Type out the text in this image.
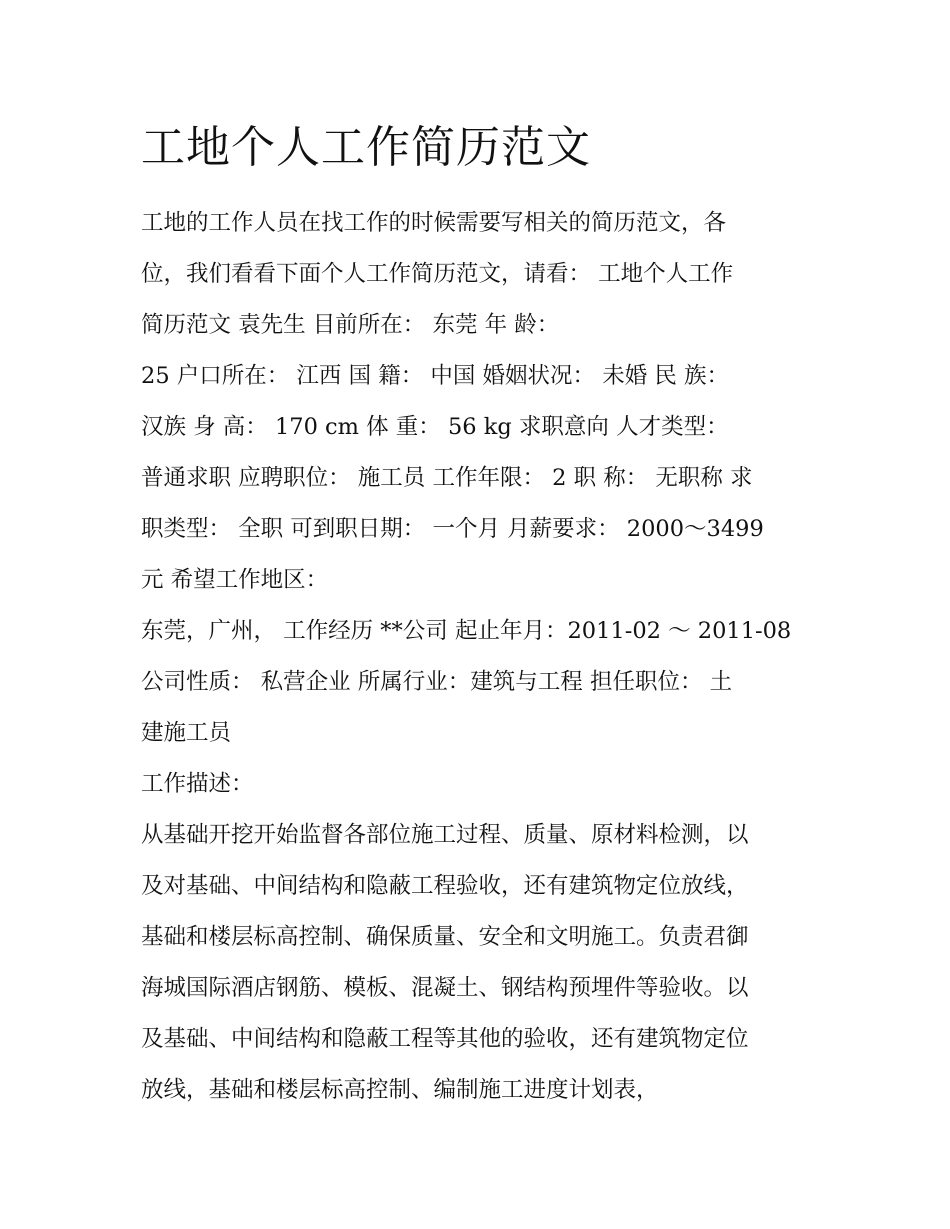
工地个人工作简历范文

工地的工作人员在找工作的时候需要写相关的简历范文，各

位，我们看看下面个人工作简历范文，请看： 工地个人工作

简历范文 袁先生 目前所在： 东莞 年 龄：

25 户口所在： 江西 国 籍： 中国 婚姻状况： 未婚 民 族：

汉族 身 高： 170 cm 体 重： 56 kg 求职意向 人才类型：

普通求职 应聘职位： 施工员 工作年限： 2 职 称： 无职称 求

职类型： 全职 可到职日期： 一个月 月薪要求： 2000～3499

元 希望工作地区：

东莞，广州， 工作经历 **公司 起止年月：2011-02 ～ 2011-08

公司性质： 私营企业 所属行业：建筑与工程 担任职位： 土

建施工员

工作描述：

从基础开挖开始监督各部位施工过程、质量、原材料检测，以

及对基础、中间结构和隐蔽工程验收，还有建筑物定位放线，

基础和楼层标高控制、确保质量、安全和文明施工。负责君御

海城国际酒店钢筋、模板、混凝土、钢结构预埋件等验收。以

及基础、中间结构和隐蔽工程等其他的验收，还有建筑物定位

放线，基础和楼层标高控制、编制施工进度计划表，
